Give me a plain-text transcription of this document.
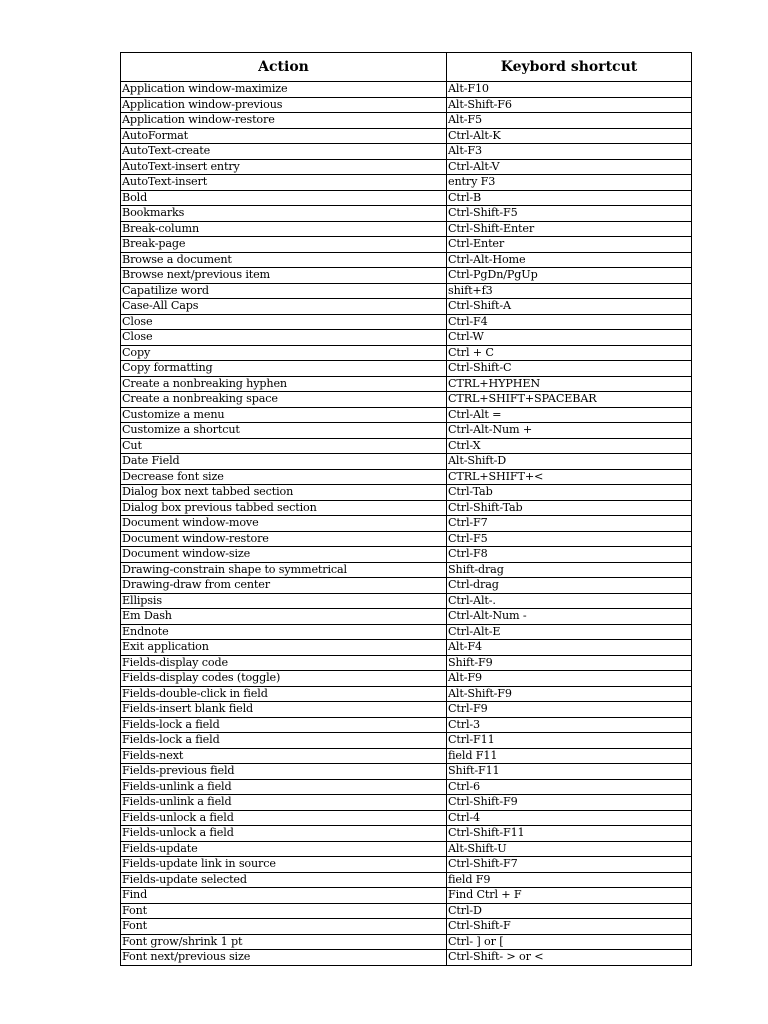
Action	Keybord shortcut
Application window-maximize	Alt-F10
Application window-previous	Alt-Shift-F6
Application window-restore	Alt-F5
AutoFormat	Ctrl-Alt-K
AutoText-create	Alt-F3
AutoText-insert entry	Ctrl-Alt-V
AutoText-insert	entry F3
Bold	Ctrl-B
Bookmarks	Ctrl-Shift-F5
Break-column	Ctrl-Shift-Enter
Break-page	Ctrl-Enter
Browse a document	Ctrl-Alt-Home
Browse next/previous item	Ctrl-PgDn/PgUp
Capatilize word	shift+f3
Case-All Caps	Ctrl-Shift-A
Close	Ctrl-F4
Close	Ctrl-W
Copy	Ctrl + C
Copy formatting	Ctrl-Shift-C
Create a nonbreaking hyphen	CTRL+HYPHEN
Create a nonbreaking space	CTRL+SHIFT+SPACEBAR
Customize a menu	Ctrl-Alt =
Customize a shortcut	Ctrl-Alt-Num +
Cut	Ctrl-X
Date Field	Alt-Shift-D
Decrease font size	CTRL+SHIFT+<
Dialog box next tabbed section	Ctrl-Tab
Dialog box previous tabbed section	Ctrl-Shift-Tab
Document window-move	Ctrl-F7
Document window-restore	Ctrl-F5
Document window-size	Ctrl-F8
Drawing-constrain shape to symmetrical	Shift-drag
Drawing-draw from center	Ctrl-drag
Ellipsis	Ctrl-Alt-.
Em Dash	Ctrl-Alt-Num -
Endnote	Ctrl-Alt-E
Exit application	Alt-F4
Fields-display code	Shift-F9
Fields-display codes (toggle)	Alt-F9
Fields-double-click in field	Alt-Shift-F9
Fields-insert blank field	Ctrl-F9
Fields-lock a field	Ctrl-3
Fields-lock a field	Ctrl-F11
Fields-next	field F11
Fields-previous field	Shift-F11
Fields-unlink a field	Ctrl-6
Fields-unlink a field	Ctrl-Shift-F9
Fields-unlock a field	Ctrl-4
Fields-unlock a field	Ctrl-Shift-F11
Fields-update	Alt-Shift-U
Fields-update link in source	Ctrl-Shift-F7
Fields-update selected	field F9
Find	Find Ctrl + F
Font	Ctrl-D
Font	Ctrl-Shift-F
Font grow/shrink 1 pt	Ctrl- ] or [
Font next/previous size	Ctrl-Shift- > or <
